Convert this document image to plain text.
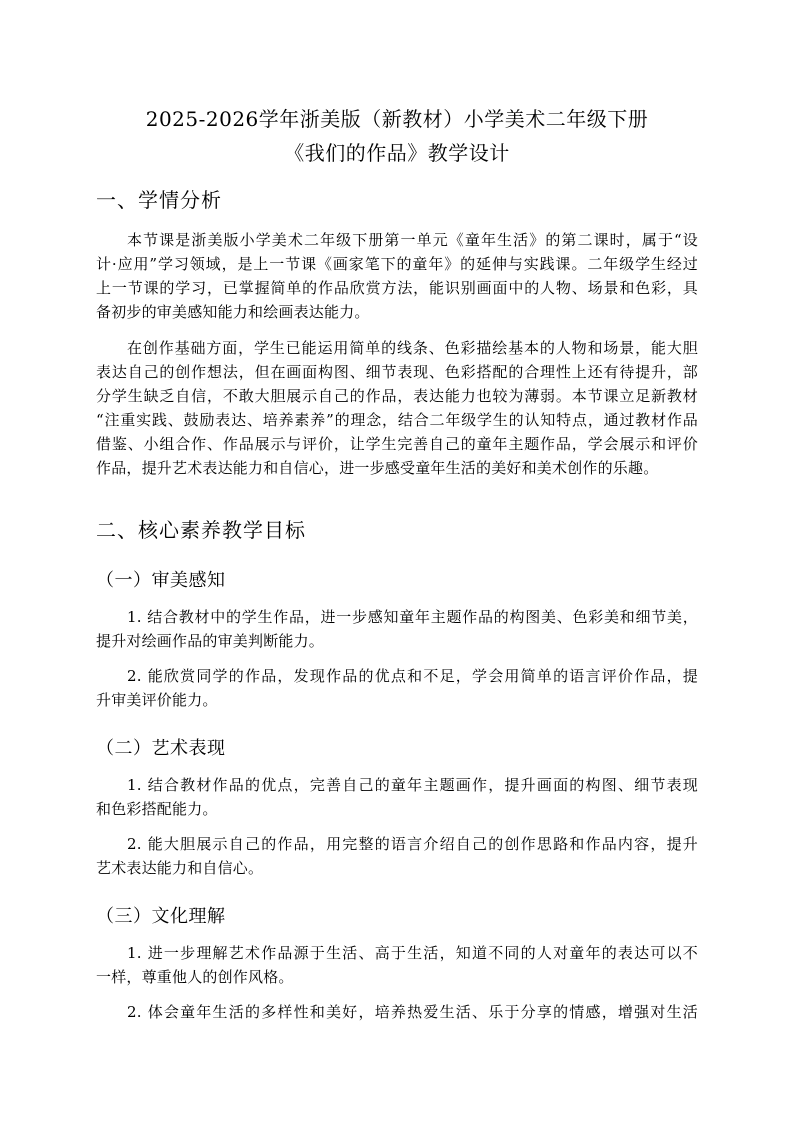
2025-2026学年浙美版（新教材）小学美术二年级下册
《我们的作品》教学设计
一、学情分析
本节课是浙美版小学美术二年级下册第一单元《童年生活》的第二课时，属于“设
计·应用”学习领域，是上一节课《画家笔下的童年》的延伸与实践课。二年级学生经过
上一节课的学习，已掌握简单的作品欣赏方法，能识别画面中的人物、场景和色彩，具
备初步的审美感知能力和绘画表达能力。
在创作基础方面，学生已能运用简单的线条、色彩描绘基本的人物和场景，能大胆
表达自己的创作想法，但在画面构图、细节表现、色彩搭配的合理性上还有待提升，部
分学生缺乏自信，不敢大胆展示自己的作品，表达能力也较为薄弱。本节课立足新教材
“注重实践、鼓励表达、培养素养”的理念，结合二年级学生的认知特点，通过教材作品
借鉴、小组合作、作品展示与评价，让学生完善自己的童年主题作品，学会展示和评价
作品，提升艺术表达能力和自信心，进一步感受童年生活的美好和美术创作的乐趣。
二、核心素养教学目标
（一）审美感知
1. 结合教材中的学生作品，进一步感知童年主题作品的构图美、色彩美和细节美，
提升对绘画作品的审美判断能力。
2. 能欣赏同学的作品，发现作品的优点和不足，学会用简单的语言评价作品，提
升审美评价能力。
（二）艺术表现
1. 结合教材作品的优点，完善自己的童年主题画作，提升画面的构图、细节表现
和色彩搭配能力。
2. 能大胆展示自己的作品，用完整的语言介绍自己的创作思路和作品内容，提升
艺术表达能力和自信心。
（三）文化理解
1. 进一步理解艺术作品源于生活、高于生活，知道不同的人对童年的表达可以不
一样，尊重他人的创作风格。
2. 体会童年生活的多样性和美好，培养热爱生活、乐于分享的情感，增强对生活
